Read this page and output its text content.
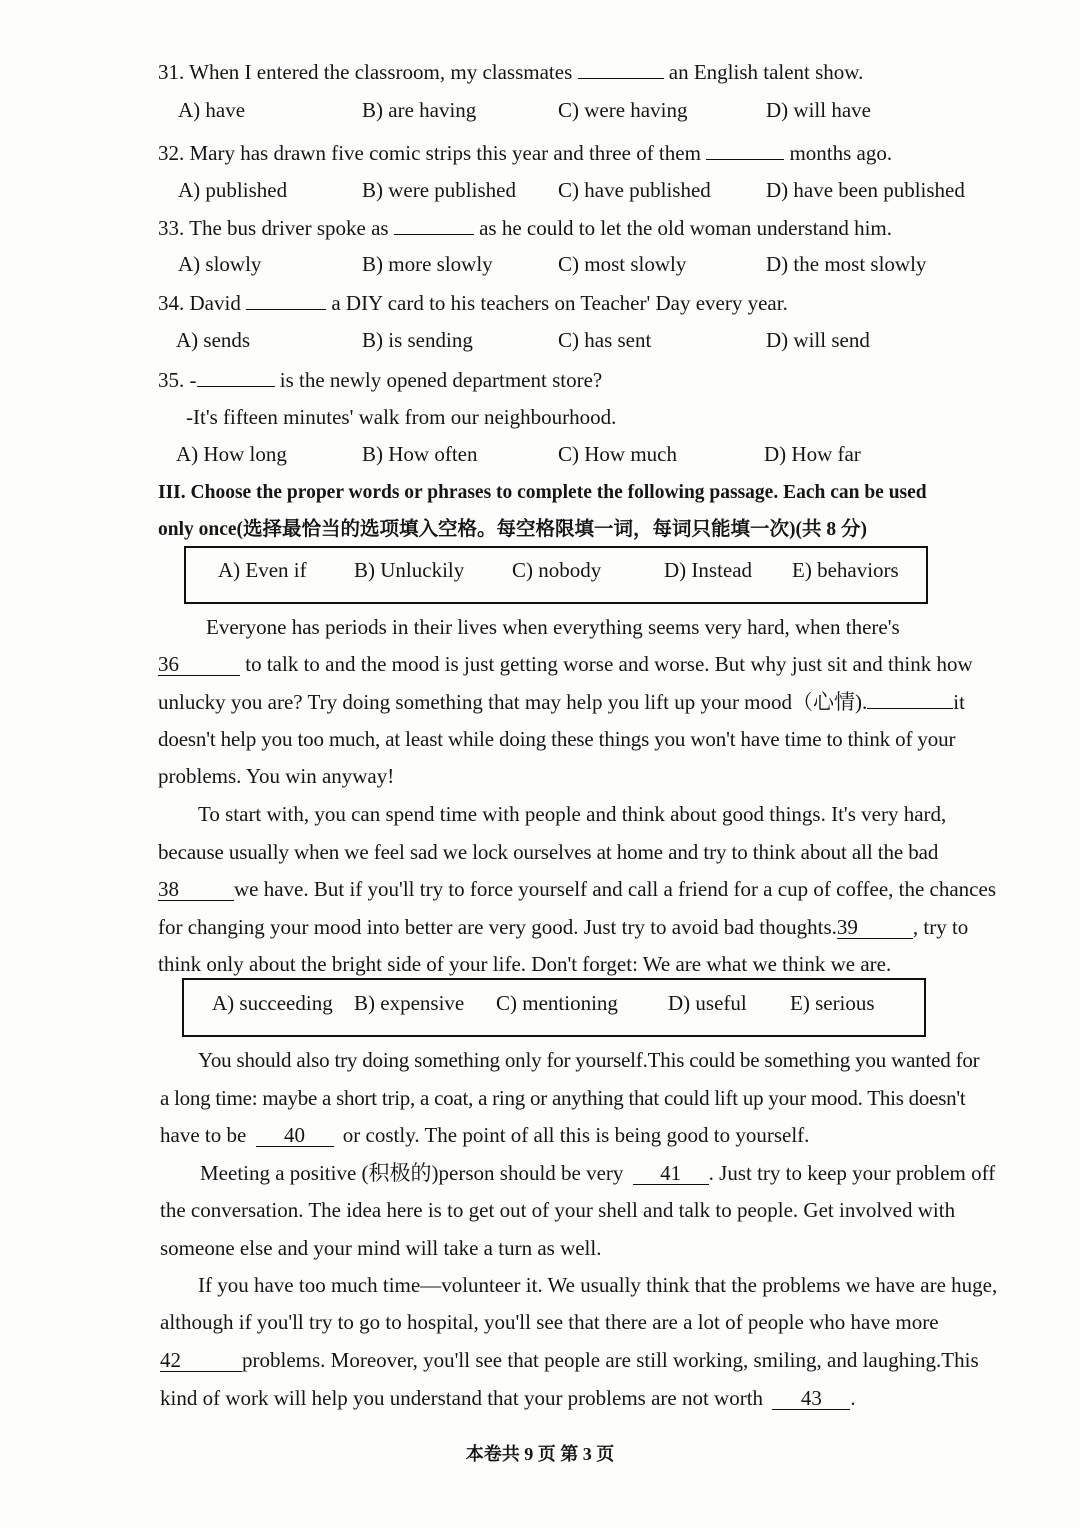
31. When I entered the classroom, my classmates	an English talent show.
A) have	B) are having	C) were having	D) will have
32. Mary has drawn five comic strips this year and three of them	months ago.
A) published	B) were published C) have published	D) have been published
33. The bus driver spoke as	as he could to let the old woman understand him.
A) slowly	B) more slowly	C) most slowly	D) the most slowly
34. David	a DIY card to his teachers on Teacher' Day every year.
A) sends	B) is sending	C) has sent	D) will send
35. -	is the newly opened department store?
-It's fifteen minutes' walk from our neighbourhood.
A) How long	B) How often	C) How much	D) How far
III. Choose the proper words or phrases to complete the following passage. Each can be used
only once(选择最恰当的选项填入空格。每空格限填一词，每词只能填一次)(共 8 分)
A) Even if B) Unluckily C) nobody	D) Instead E) behaviors
Everyone has periods in their lives when everything seems very hard, when there's
36	to talk to and the mood is just getting worse and worse. But why just sit and think how
unlucky you are? Try doing something that may help you lift up your mood（心情).	it
doesn't help you too much, at least while doing these things you won't have time to think of your
problems. You win anyway!
To start with, you can spend time with people and think about good things. It's very hard,
because usually when we feel sad we lock ourselves at home and try to think about all the bad
38	we have. But if you'll try to force yourself and call a friend for a cup of coffee, the chances
for changing your mood into better are very good. Just try to avoid bad thoughts.39	, try to
think only about the bright side of your life. Don't forget: We are what we think we are.
A) succeeding B) expensive C) mentioning D) useful E) serious
You should also try doing something only for yourself.This could be something you wanted for
a long time: maybe a short trip, a coat, a ring or anything that could lift up your mood. This doesn't
have to be 40 or costly. The point of all this is being good to yourself.
Meeting a positive (积极的)person should be very 41 . Just try to keep your problem off
the conversation. The idea here is to get out of your shell and talk to people. Get involved with
someone else and your mind will take a turn as well.
If you have too much time—volunteer it. We usually think that the problems we have are huge,
although if you'll try to go to hospital, you'll see that there are a lot of people who have more
42	problems. Moreover, you'll see that people are still working, smiling, and laughing.This
kind of work will help you understand that your problems are not worth 43 .
本卷共 9 页 第 3 页
